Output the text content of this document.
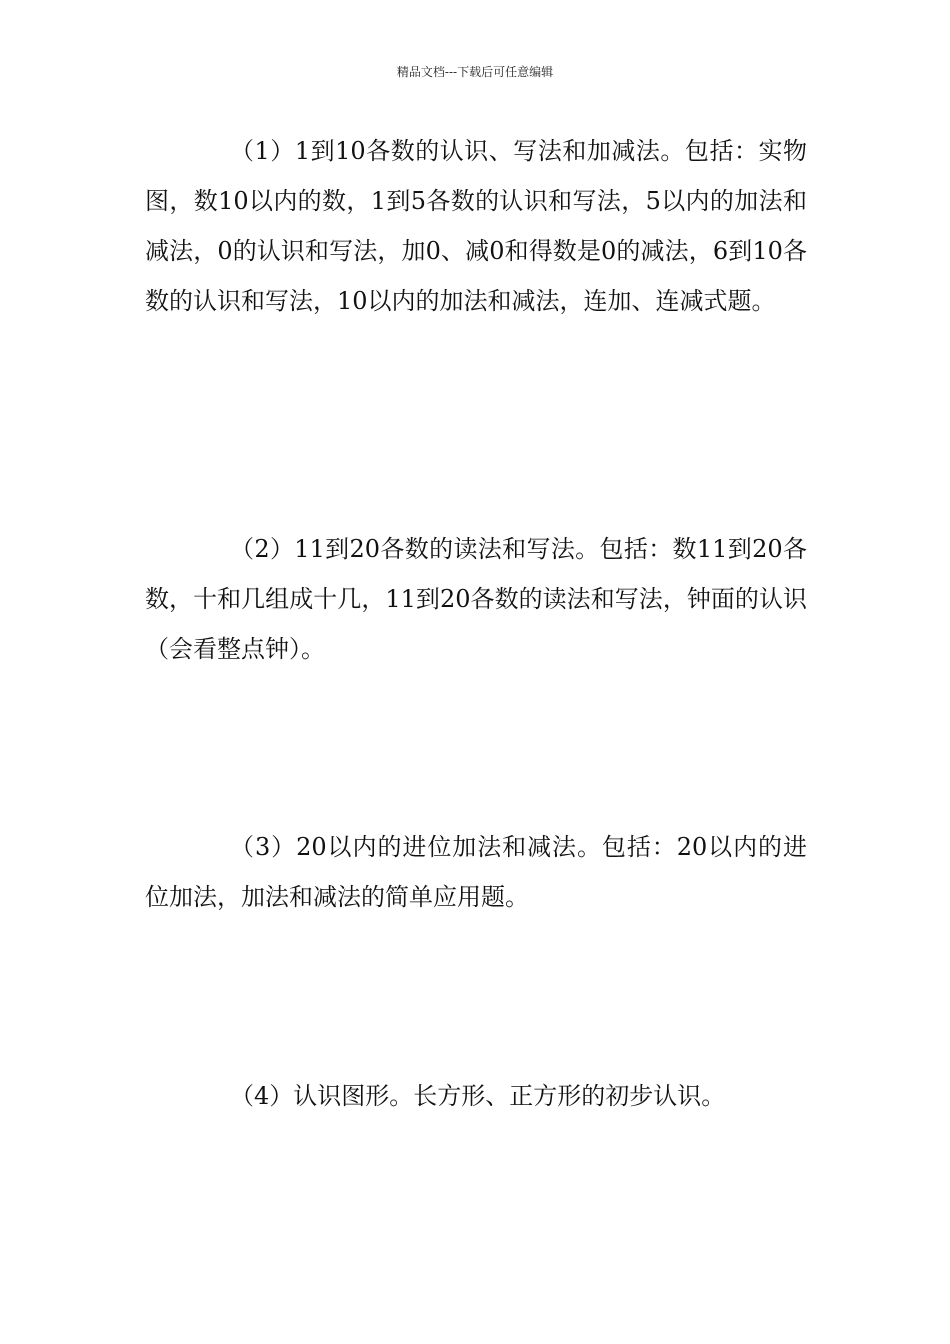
精品文档---下载后可任意编辑

（1）1到10各数的认识、写法和加减法。包括：实物图，数10以内的数，1到5各数的认识和写法，5以内的加法和减法，0的认识和写法，加0、减0和得数是0的减法，6到10各数的认识和写法，10以内的加法和减法，连加、连减式题。

（2）11到20各数的读法和写法。包括：数11到20各数，十和几组成十几，11到20各数的读法和写法，钟面的认识（会看整点钟）。

（3）20以内的进位加法和减法。包括：20以内的进位加法，加法和减法的简单应用题。

（4）认识图形。长方形、正方形的初步认识。
